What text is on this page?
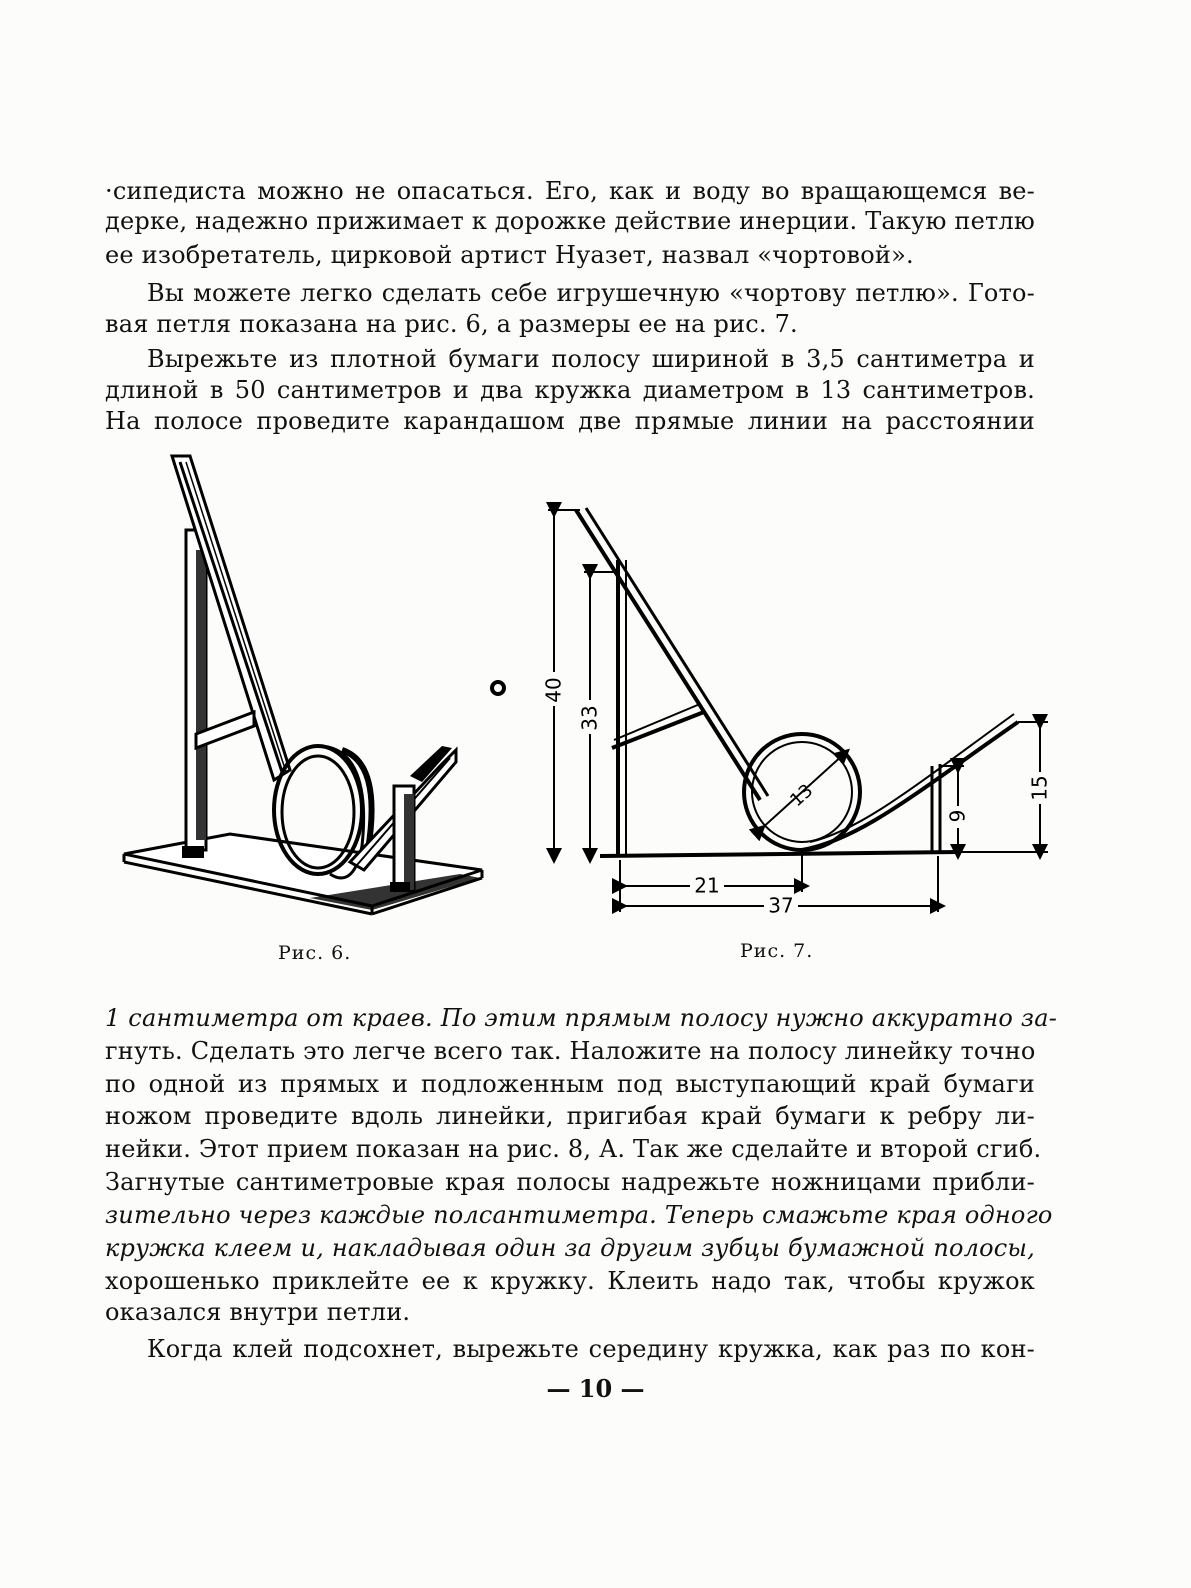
·сипедиста можно не опасаться. Его, как и воду во вращающемся ве-
дерке, надежно прижимает к дорожке действие инерции. Такую петлю
ее изобретатель, цирковой артист Нуазет, назвал «чортовой».
Вы можете легко сделать себе игрушечную «чортову петлю». Гото-
вая петля показана на рис. 6, а размеры ее на рис. 7.
Вырежьте из плотной бумаги полосу шириной в 3,5 сантиметра и
длиной в 50 сантиметров и два кружка диаметром в 13 сантиметров.
На полосе проведите карандашом две прямые линии на расстоянии
40
33
13	15
9
21
37
Рис. 6.	Рис. 7.
1 сантиметра от краев. По этим прямым полосу нужно аккуратно за-
гнуть. Сделать это легче всего так. Наложите на полосу линейку точно
по одной из прямых и подложенным под выступающий край бумаги
ножом проведите вдоль линейки, пригибая край бумаги к ребру ли-
нейки. Этот прием показан на рис. 8, А. Так же сделайте и второй сгиб.
Загнутые сантиметровые края полосы надрежьте ножницами прибли-
зительно через каждые полсантиметра. Теперь смажьте края одного
кружка клеем и, накладывая один за другим зубцы бумажной полосы,
хорошенько приклейте ее к кружку. Клеить надо так, чтобы кружок
оказался внутри петли.
Когда клей подсохнет, вырежьте середину кружка, как раз по кон-
— 10 —
